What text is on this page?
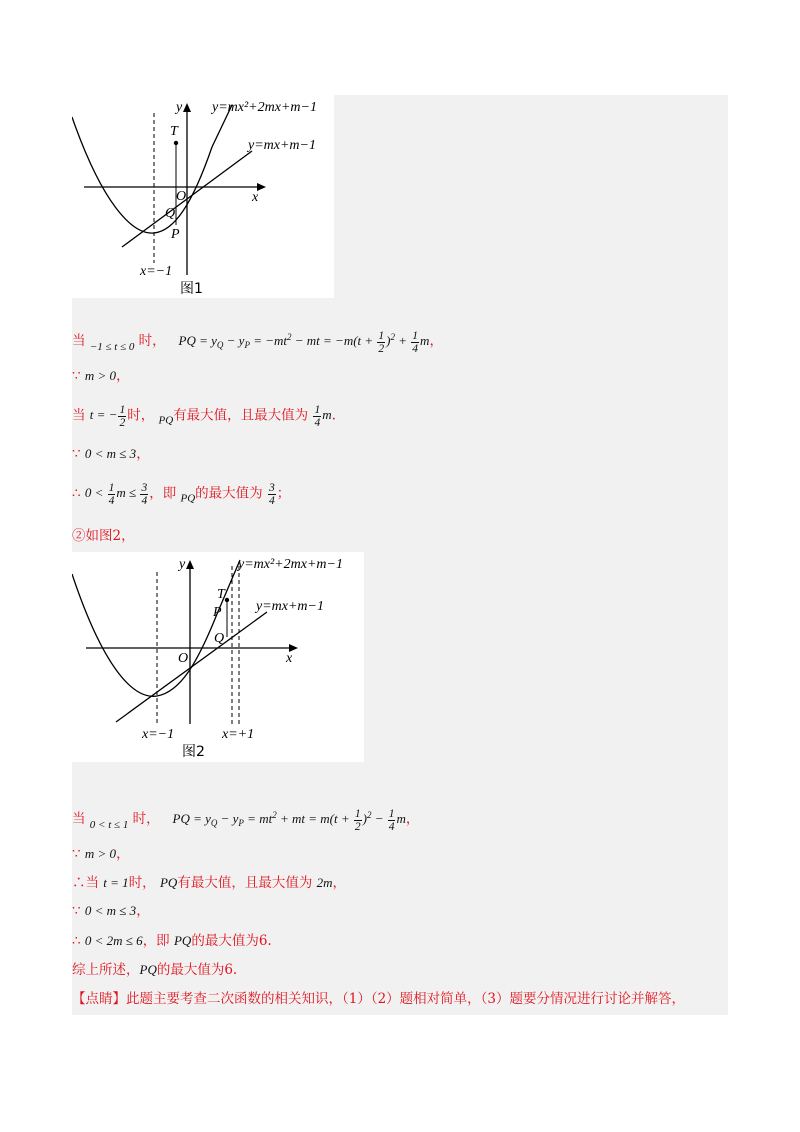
T
Q
P
O	x
y y=mx²+2mx+m−1
y=mx+m−1
x=−1
图1
当 $_{-1 \le t \le 0}$ 时， PQ = $y_Q - y_P = -mt^2$ − mt = $-m(t + \frac{1}{2} )^2 + \frac{1}{4}$ m，
∵ m > 0，
当 t = − $\frac{1}{2}$ 时， $_{PQ}$有最大值，且最大值为 $\frac{1}{4} m$.
∵ 0 < m ≤ 3，
∴ $0 < \frac{1}{4}$ $m \le \frac{3}{4}$ ，即 $_{PQ}$的最大值为 $\frac{3}{4}$ ；
②如图2，
T
P
Q
O	x
y	y=mx²+2mx+m−1
y=mx+m−1
x=−1	x=+1
图2
当 $_{0 < t \le 1}$ 时， PQ = $y_Q - y_P = mt^2$ + mt = $m(t + \frac{1}{2} )^2 - \frac{1}{4}$ m，
∵ m > 0，
∴当 t = 1时， PQ有最大值，且最大值为 2m，
∵ 0 < m ≤ 3，
∴ 0 < 2m ≤ 6，即 PQ的最大值为6.
综上所述，PQ的最大值为6.
【点睛】此题主要考查二次函数的相关知识，（1）（2）题相对简单，（3）题要分情况进行讨论并解答，
